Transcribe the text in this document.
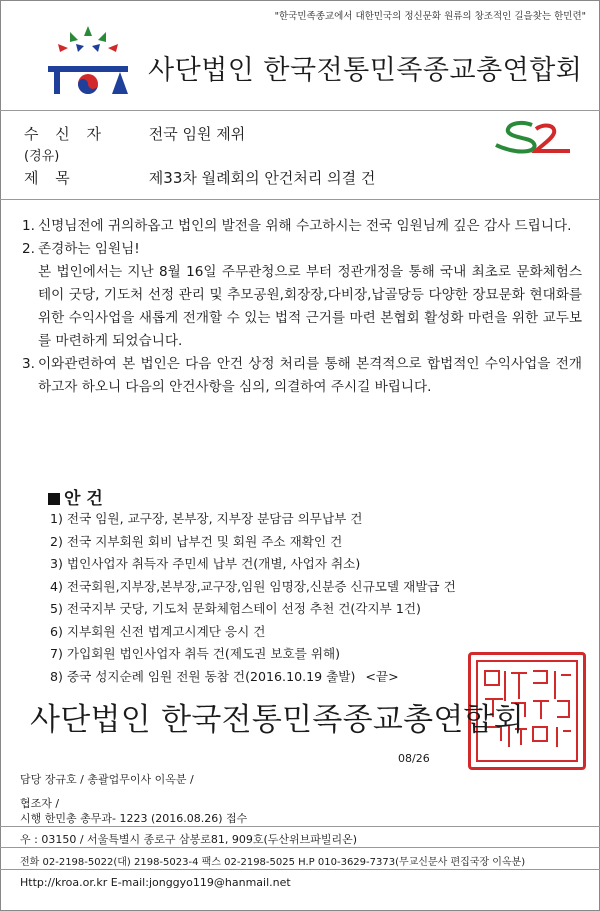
"한국민족종교에서 대한민국의 정신문화 원류의 창조적인 길을찾는 한민련"
사단법인 한국전통민족종교총연합회
수 신 자	전국 임원 제위
(경유)
제 목	제33차 월례회의 안건처리 의결 건
1. 신명님전에 귀의하옵고 법인의 발전을 위해 수고하시는 전국 임원님께 깊은 감사 드립니다.
2. 존경하는 임원님!
본 법인에서는 지난 8월 16일 주무관청으로 부터 정관개정을 통해 국내 최초로 문화체험스테이 굿당, 기도처 선정 관리 및 추모공원,회장장,다비장,납골당등 다양한 장묘문화 현대화를 위한 수익사업을 새롭게 전개할 수 있는 법적 근거를 마련 본협회 활성화 마련을 위한 교두보를 마련하게 되었습니다.
3. 이와관련하여 본 법인은 다음 안건 상정 처리를 통해 본격적으로 합법적인 수익사업을 전개하고자 하오니 다음의 안건사항을 심의, 의결하여 주시길 바립니다.
안 건
1) 전국 임원, 교구장, 본부장, 지부장 분담금 의무납부 건
2) 전국 지부회원 회비 납부건 및 회원 주소 재확인 건
3) 법인사업자 취득자 주민세 납부 건(개별, 사업자 취소)
4) 전국회원,지부장,본부장,교구장,임원 임명장,신분증 신규모델 재발급 건
5) 전국지부 굿당, 기도처 문화체험스테이 선정 추천 건(각지부 1건)
6) 지부회원 신전 법계고시계단 응시 건
7) 가입회원 법인사업자 취득 건(제도권 보호를 위해)
8) 중국 성지순례 임원 전원 동참 건(2016.10.19 출발) <끝>
사단법인 한국전통민족종교총연합회
08/26
담당 장규호 / 총괄업무이사 이옥분 /
협조자 /
시행 한민총 총무과- 1223 (2016.08.26) 접수
우 : 03150 / 서울특별시 종로구 삼봉로81, 909호(두산위브파빌리온)
전화 02-2198-5022(대) 2198-5023-4 팩스 02-2198-5025 H.P 010-3629-7373(무교신문사 편집국장 이옥분)
Http://kroa.or.kr E-mail:jonggyo119@hanmail.net
